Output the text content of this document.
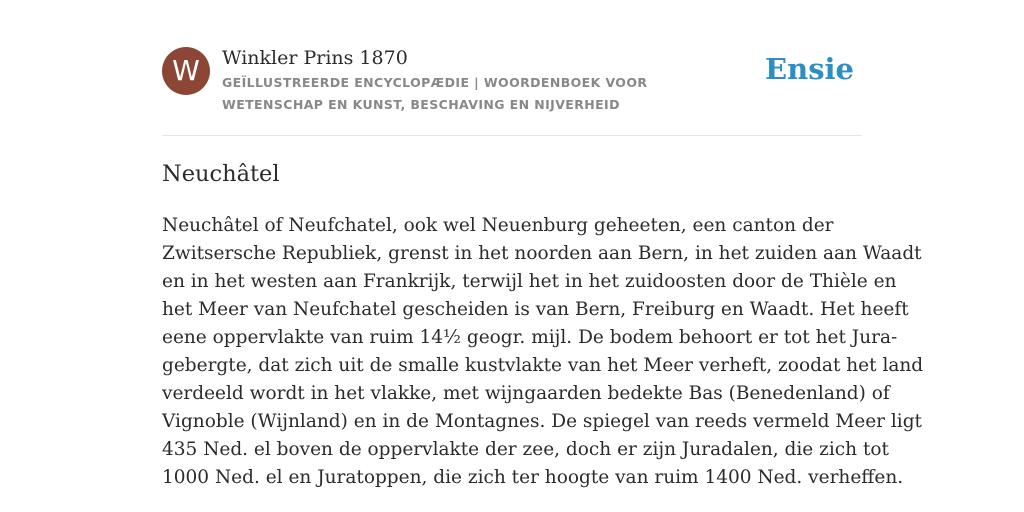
W	Winkler Prins 1870
GEÏLLUSTREERDE ENCYCLOPÆDIE | WOORDENBOEK VOOR WETENSCHAP EN KUNST, BESCHAVING EN NIJVERHEID
Ensie
Neuchâtel
Neuchâtel of Neufchatel, ook wel Neuenburg geheeten, een canton der
Zwitsersche Republiek, grenst in het noorden aan Bern, in het zuiden aan Waadt
en in het westen aan Frankrijk, terwijl het in het zuidoosten door de Thièle en
het Meer van Neufchatel gescheiden is van Bern, Freiburg en Waadt. Het heeft
eene oppervlakte van ruim 14½ geogr. mijl. De bodem behoort er tot het Jura-
gebergte, dat zich uit de smalle kustvlakte van het Meer verheft, zoodat het land
verdeeld wordt in het vlakke, met wijngaarden bedekte Bas (Benedenland) of
Vignoble (Wijnland) en in de Montagnes. De spiegel van reeds vermeld Meer ligt
435 Ned. el boven de oppervlakte der zee, doch er zijn Juradalen, die zich tot
1000 Ned. el en Juratoppen, die zich ter hoogte van ruim 1400 Ned. verheffen.
